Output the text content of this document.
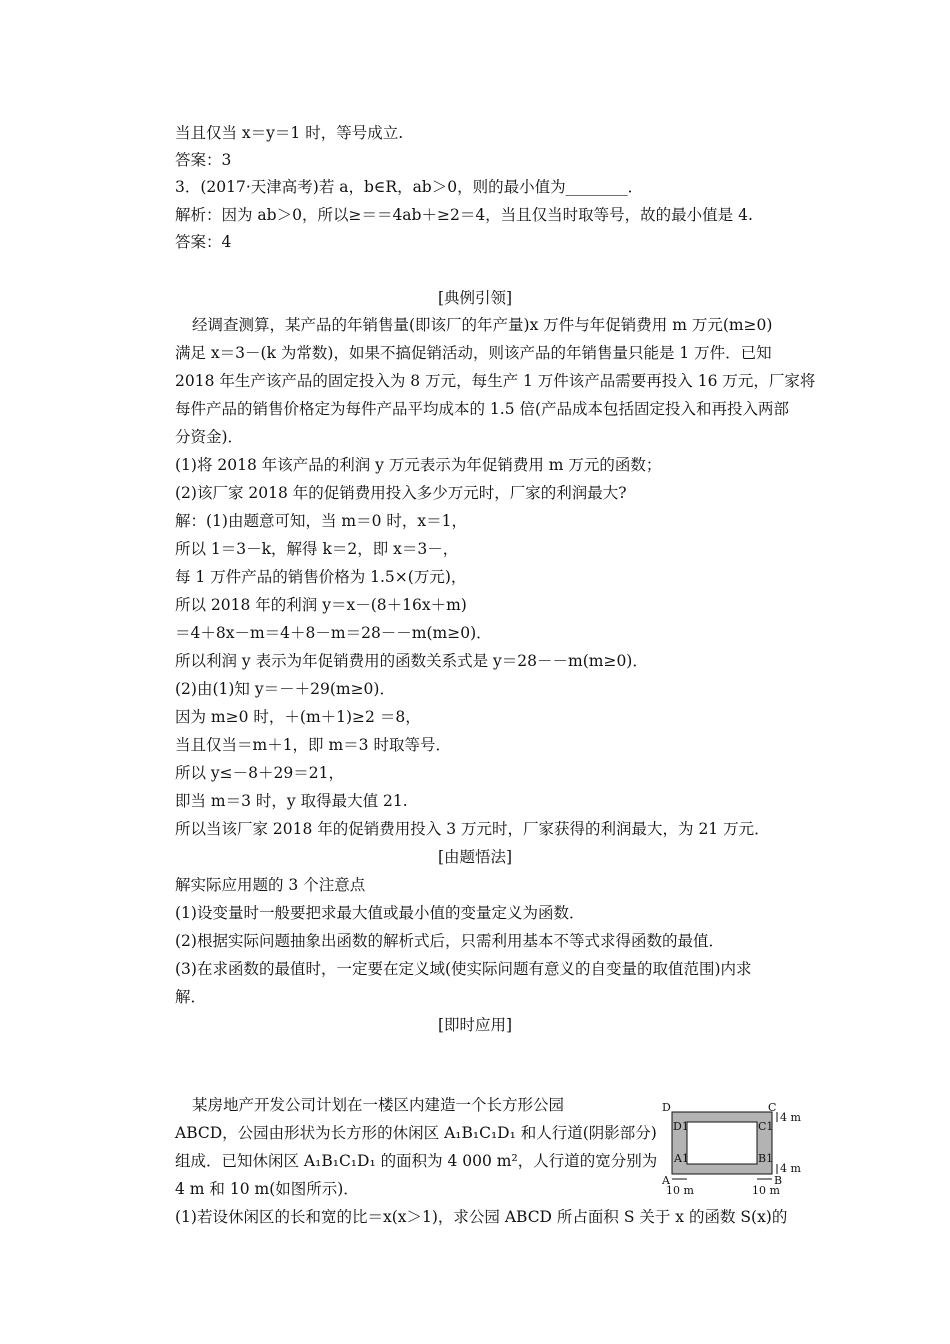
当且仅当 x＝y＝1 时，等号成立.
答案：3
3．(2017·天津高考)若 a，b∈R，ab＞0，则的最小值为________．
解析：因为 ab＞0，所以≥＝＝4ab＋≥2＝4，当且仅当时取等号，故的最小值是 4.
答案：4
[典例引领]
经调查测算，某产品的年销售量(即该厂的年产量)x 万件与年促销费用 m 万元(m≥0)
满足 x＝3－(k 为常数)，如果不搞促销活动，则该产品的年销售量只能是 1 万件．已知
2018 年生产该产品的固定投入为 8 万元，每生产 1 万件该产品需要再投入 16 万元，厂家将
每件产品的销售价格定为每件产品平均成本的 1.5 倍(产品成本包括固定投入和再投入两部
分资金)．
(1)将 2018 年该产品的利润 y 万元表示为年促销费用 m 万元的函数；
(2)该厂家 2018 年的促销费用投入多少万元时，厂家的利润最大?
解：(1)由题意可知，当 m＝0 时，x＝1，
所以 1＝3－k，解得 k＝2，即 x＝3－，
每 1 万件产品的销售价格为 1.5×(万元)，
所以 2018 年的利润 y＝x－(8＋16x＋m)
＝4＋8x－m＝4＋8－m＝28－－m(m≥0)．
所以利润 y 表示为年促销费用的函数关系式是 y＝28－－m(m≥0)．
(2)由(1)知 y＝－＋29(m≥0)．
因为 m≥0 时，＋(m＋1)≥2 ＝8，
当且仅当＝m＋1，即 m＝3 时取等号．
所以 y≤－8＋29＝21，
即当 m＝3 时，y 取得最大值 21.
所以当该厂家 2018 年的促销费用投入 3 万元时，厂家获得的利润最大，为 21 万元．
[由题悟法]
解实际应用题的 3 个注意点
(1)设变量时一般要把求最大值或最小值的变量定义为函数．
(2)根据实际问题抽象出函数的解析式后，只需利用基本不等式求得函数的最值．
(3)在求函数的最值时，一定要在定义域(使实际问题有意义的自变量的取值范围)内求
解．
[即时应用]
某房地产开发公司计划在一楼区内建造一个长方形公园
ABCD，公园由形状为长方形的休闲区 A₁B₁C₁D₁ 和人行道(阴影部分)
组成．已知休闲区 A₁B₁C₁D₁ 的面积为 4 000 m²，人行道的宽分别为
4 m 和 10 m(如图所示)．
(1)若设休闲区的长和宽的比＝x(x＞1)，求公园 ABCD 所占面积 S 关于 x 的函数 S(x)的
D	C
A	B
D1	C1
A1	B1
4 m
4 m
10 m	10 m
